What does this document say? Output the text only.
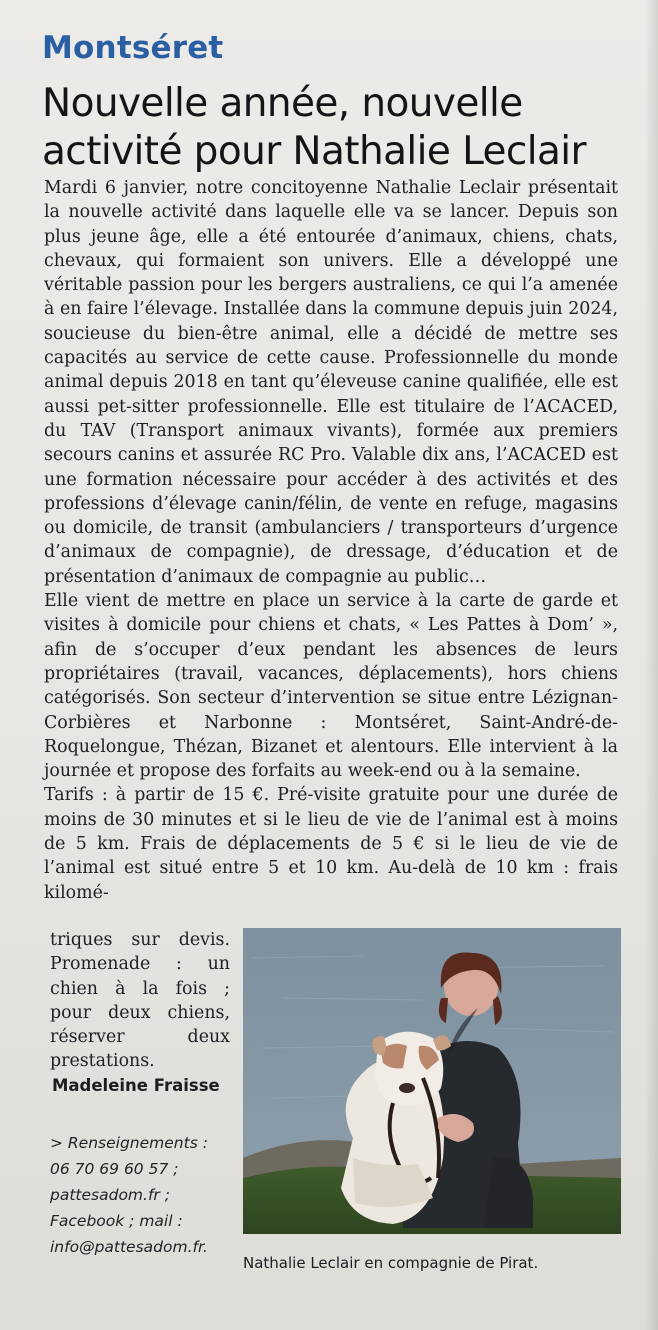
Montséret
Nouvelle année, nouvelle activité pour Nathalie Leclair

Mardi 6 janvier, notre concitoyenne Nathalie Leclair présentait la nouvelle activité dans laquelle elle va se lancer. Depuis son plus jeune âge, elle a été entourée d’animaux, chiens, chats, chevaux, qui formaient son univers. Elle a développé une véritable passion pour les bergers australiens, ce qui l’a amenée à en faire l’élevage. Installée dans la commune depuis juin 2024, soucieuse du bien-être animal, elle a décidé de mettre ses capacités au service de cette cause. Professionnelle du monde animal depuis 2018 en tant qu’éleveuse canine qualifiée, elle est aussi pet-sitter professionnelle. Elle est titulaire de l’ACACED, du TAV (Transport animaux vivants), formée aux premiers secours canins et assurée RC Pro. Valable dix ans, l’ACACED est une formation nécessaire pour accéder à des activités et des professions d’élevage canin/félin, de vente en refuge, magasins ou domicile, de transit (ambulanciers / transporteurs d’urgence d’animaux de compagnie), de dressage, d’éducation et de présentation d’animaux de compagnie au public…

Elle vient de mettre en place un service à la carte de garde et visites à domicile pour chiens et chats, « Les Pattes à Dom’ », afin de s’occuper d’eux pendant les absences de leurs propriétaires (travail, vacances, déplacements), hors chiens catégorisés. Son secteur d’intervention se situe entre Lézignan-Corbières et Narbonne : Montséret, Saint-André-de-Roquelongue, Thézan, Bizanet et alentours. Elle intervient à la journée et propose des forfaits au week-end ou à la semaine.

Tarifs : à partir de 15 €. Pré-visite gratuite pour une durée de moins de 30 minutes et si le lieu de vie de l’animal est à moins de 5 km. Frais de déplacements de 5 € si le lieu de vie de l’animal est situé entre 5 et 10 km. Au-delà de 10 km : frais kilomé-

triques sur devis. Promenade : un chien à la fois ; pour deux chiens, réserver deux prestations.

Madeleine Fraisse
> Renseignements :
06 70 69 60 57 ;
pattesadom.fr ;
Facebook ; mail :
info@pattesadom.fr.
Nathalie Leclair en compagnie de Pirat.
